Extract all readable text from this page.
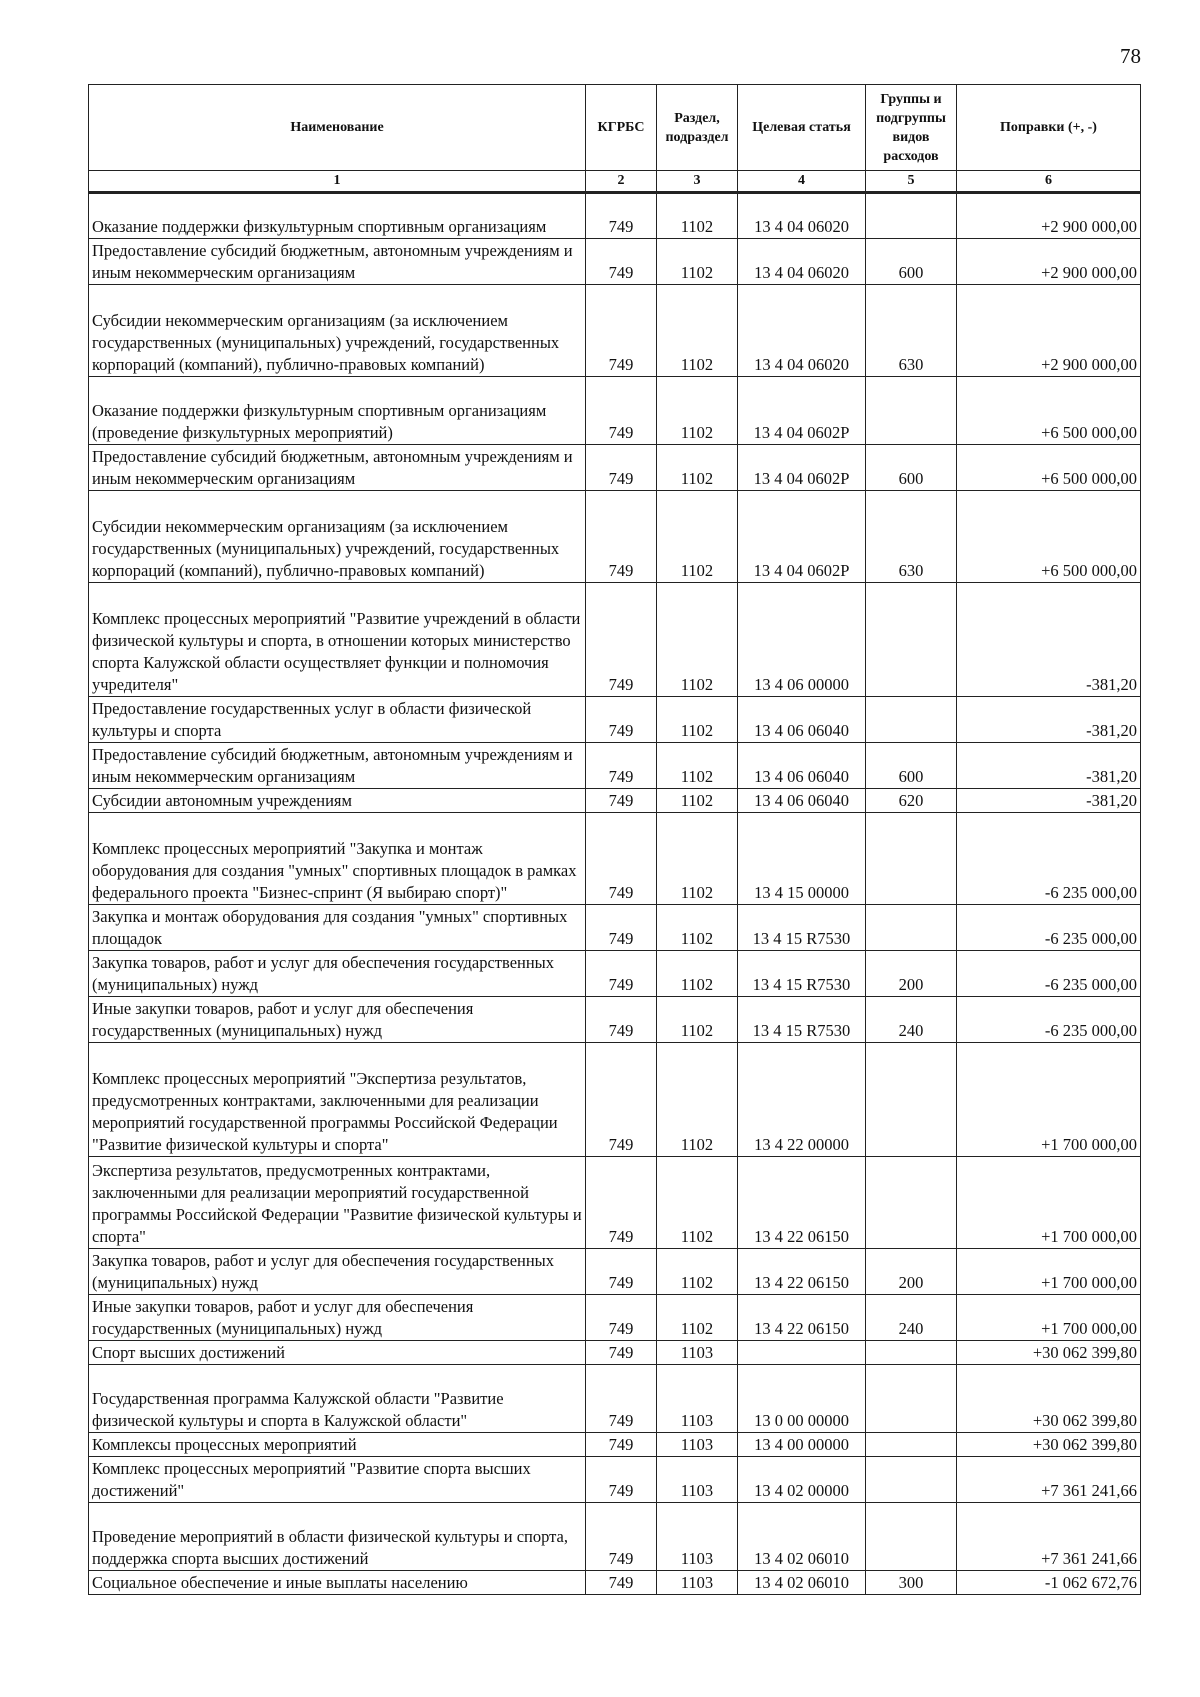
78
Наименование	КГРБС	Раздел, подраздел	Целевая статья	Группы и подгруппы видов расходов	Поправки (+, -)
1	2	3	4	5	6
Оказание поддержки физкультурным спортивным организациям	749	1102	13 4 04 06020		+2 900 000,00
Предоставление субсидий бюджетным, автономным учреждениям и иным некоммерческим организациям	749	1102	13 4 04 06020	600	+2 900 000,00
Субсидии некоммерческим организациям (за исключением государственных (муниципальных) учреждений, государственных корпораций (компаний), публично-правовых компаний)	749	1102	13 4 04 06020	630	+2 900 000,00
Оказание поддержки физкультурным спортивным организациям (проведение физкультурных мероприятий)	749	1102	13 4 04 0602Р		+6 500 000,00
Предоставление субсидий бюджетным, автономным учреждениям и иным некоммерческим организациям	749	1102	13 4 04 0602Р	600	+6 500 000,00
Субсидии некоммерческим организациям (за исключением государственных (муниципальных) учреждений, государственных корпораций (компаний), публично-правовых компаний)	749	1102	13 4 04 0602Р	630	+6 500 000,00
Комплекс процессных мероприятий "Развитие учреждений в области физической культуры и спорта, в отношении которых министерство спорта Калужской области осуществляет функции и полномочия учредителя"	749	1102	13 4 06 00000		-381,20
Предоставление государственных услуг в области физической культуры и спорта	749	1102	13 4 06 06040		-381,20
Предоставление субсидий бюджетным, автономным учреждениям и иным некоммерческим организациям	749	1102	13 4 06 06040	600	-381,20
Субсидии автономным учреждениям	749	1102	13 4 06 06040	620	-381,20
Комплекс процессных мероприятий "Закупка и монтаж оборудования для создания "умных" спортивных площадок в рамках федерального проекта "Бизнес-спринт (Я выбираю спорт)"	749	1102	13 4 15 00000		-6 235 000,00
Закупка и монтаж оборудования для создания "умных" спортивных площадок	749	1102	13 4 15 R7530		-6 235 000,00
Закупка товаров, работ и услуг для обеспечения государственных (муниципальных) нужд	749	1102	13 4 15 R7530	200	-6 235 000,00
Иные закупки товаров, работ и услуг для обеспечения государственных (муниципальных) нужд	749	1102	13 4 15 R7530	240	-6 235 000,00
Комплекс процессных мероприятий "Экспертиза результатов, предусмотренных контрактами, заключенными для реализации мероприятий государственной программы Российской Федерации "Развитие физической культуры и спорта"	749	1102	13 4 22 00000		+1 700 000,00
Экспертиза результатов, предусмотренных контрактами, заключенными для реализации мероприятий государственной программы Российской Федерации "Развитие физической культуры и спорта"	749	1102	13 4 22 06150		+1 700 000,00
Закупка товаров, работ и услуг для обеспечения государственных (муниципальных) нужд	749	1102	13 4 22 06150	200	+1 700 000,00
Иные закупки товаров, работ и услуг для обеспечения государственных (муниципальных) нужд	749	1102	13 4 22 06150	240	+1 700 000,00
Спорт высших достижений	749	1103			+30 062 399,80
Государственная программа Калужской области "Развитие физической культуры и спорта в Калужской области"	749	1103	13 0 00 00000		+30 062 399,80
Комплексы процессных мероприятий	749	1103	13 4 00 00000		+30 062 399,80
Комплекс процессных мероприятий "Развитие спорта высших достижений"	749	1103	13 4 02 00000		+7 361 241,66
Проведение мероприятий в области физической культуры и спорта, поддержка спорта высших достижений	749	1103	13 4 02 06010		+7 361 241,66
Социальное обеспечение и иные выплаты населению	749	1103	13 4 02 06010	300	-1 062 672,76
